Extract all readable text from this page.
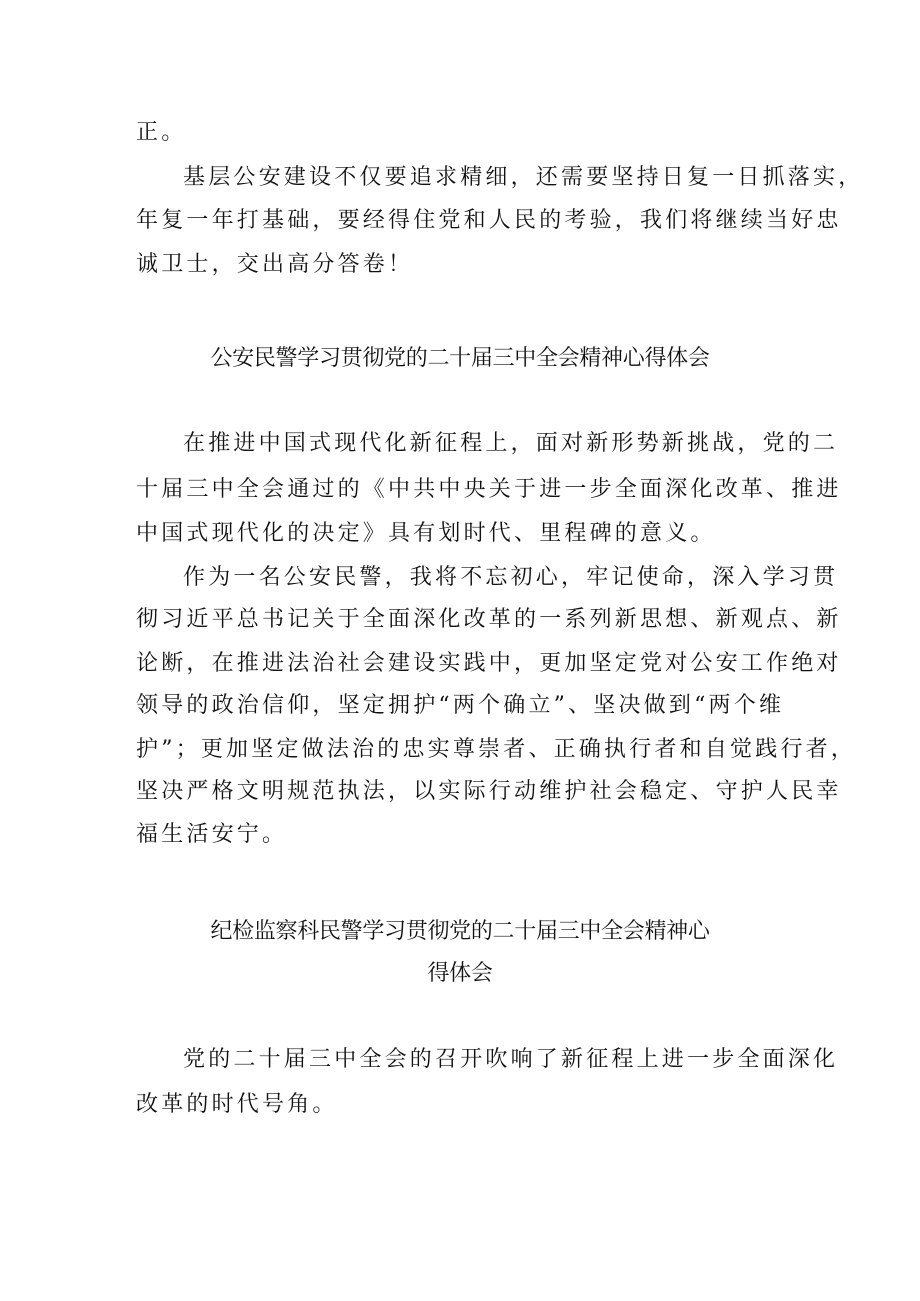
正。

基层公安建设不仅要追求精细，还需要坚持日复一日抓落实，

年复一年打基础，要经得住党和人民的考验，我们将继续当好忠

诚卫士，交出高分答卷！

公安民警学习贯彻党的二十届三中全会精神心得体会

在推进中国式现代化新征程上，面对新形势新挑战，党的二

十届三中全会通过的《中共中央关于进一步全面深化改革、推进

中国式现代化的决定》具有划时代、里程碑的意义。

作为一名公安民警，我将不忘初心，牢记使命，深入学习贯

彻习近平总书记关于全面深化改革的一系列新思想、新观点、新

论断，在推进法治社会建设实践中，更加坚定党对公安工作绝对

领导的政治信仰，坚定拥护“两个确立”、坚决做到“两个维

护”；更加坚定做法治的忠实尊崇者、正确执行者和自觉践行者，

坚决严格文明规范执法，以实际行动维护社会稳定、守护人民幸

福生活安宁。

纪检监察科民警学习贯彻党的二十届三中全会精神心
得体会

党的二十届三中全会的召开吹响了新征程上进一步全面深化

改革的时代号角。
